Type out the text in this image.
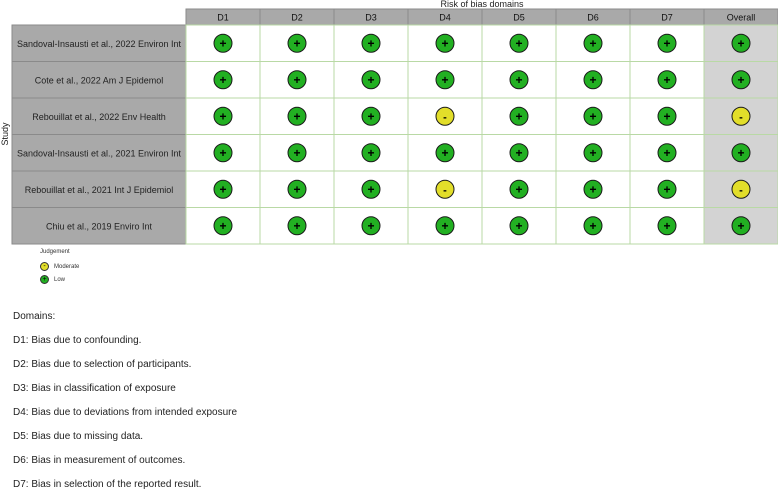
Risk of bias domains
Study
D1	D2	D3	D4	D5	D6	D7	Overall
Sandoval-Insausti et al., 2022 Environ Int	+	+	+	+	+	+	+	+
Cote et al., 2022 Am J Epidemol	+	+	+	+	+	+	+	+
Rebouillat et al., 2022 Env Health	+	+	+	-	+	+	+	-
Sandoval-Insausti et al., 2021 Environ Int	+	+	+	+	+	+	+	+
Rebouillat et al., 2021 Int J Epidemiol	+	+	+	-	+	+	+	-
Chiu et al., 2019 Enviro Int	+	+	+	+	+	+	+	+
Judgement
-	Moderate
+	Low
Domains:
D1: Bias due to confounding.
D2: Bias due to selection of participants.
D3: Bias in classification of exposure
D4: Bias due to deviations from intended exposure
D5: Bias due to missing data.
D6: Bias in measurement of outcomes.
D7: Bias in selection of the reported result.
